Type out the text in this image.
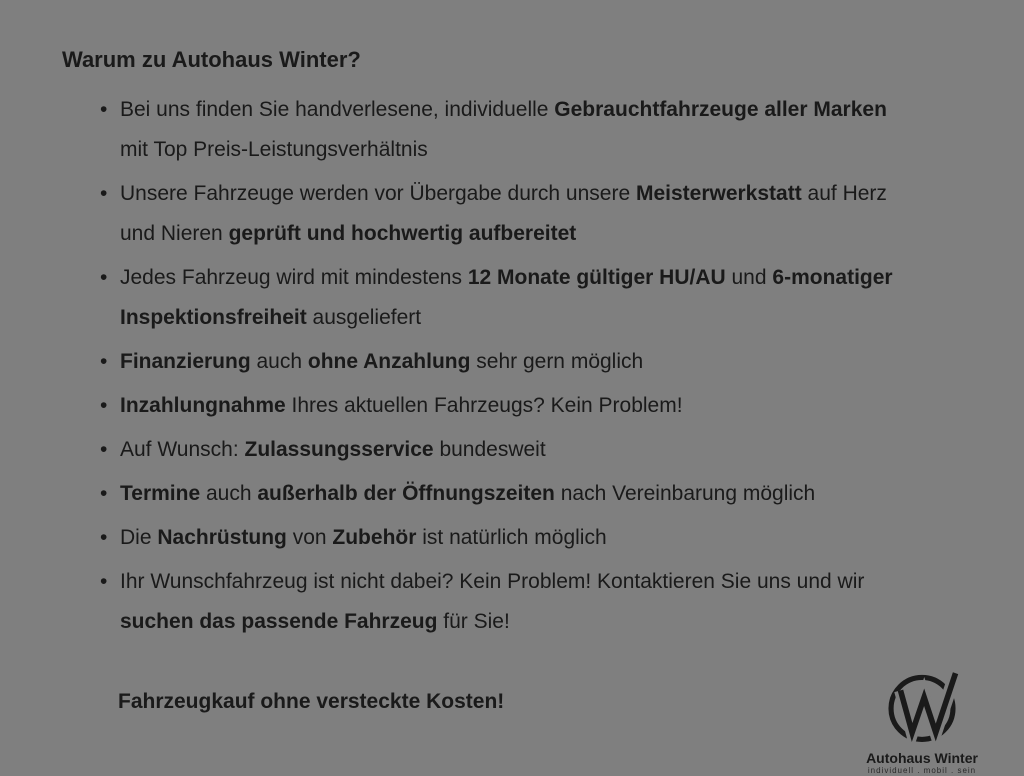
Warum zu Autohaus Winter?
• Bei uns finden Sie handverlesene, individuelle Gebrauchtfahrzeuge aller Marken
mit Top Preis-Leistungsverhältnis
• Unsere Fahrzeuge werden vor Übergabe durch unsere Meisterwerkstatt auf Herz
und Nieren geprüft und hochwertig aufbereitet
• Jedes Fahrzeug wird mit mindestens 12 Monate gültiger HU/AU und 6-monatiger
Inspektionsfreiheit ausgeliefert
• Finanzierung auch ohne Anzahlung sehr gern möglich
• Inzahlungnahme Ihres aktuellen Fahrzeugs? Kein Problem!
• Auf Wunsch: Zulassungsservice bundesweit
• Termine auch außerhalb der Öffnungszeiten nach Vereinbarung möglich
• Die Nachrüstung von Zubehör ist natürlich möglich
• Ihr Wunschfahrzeug ist nicht dabei? Kein Problem! Kontaktieren Sie uns und wir
suchen das passende Fahrzeug für Sie!

Fahrzeugkauf ohne versteckte Kosten!

Autohaus Winter
individuell . mobil . sein
